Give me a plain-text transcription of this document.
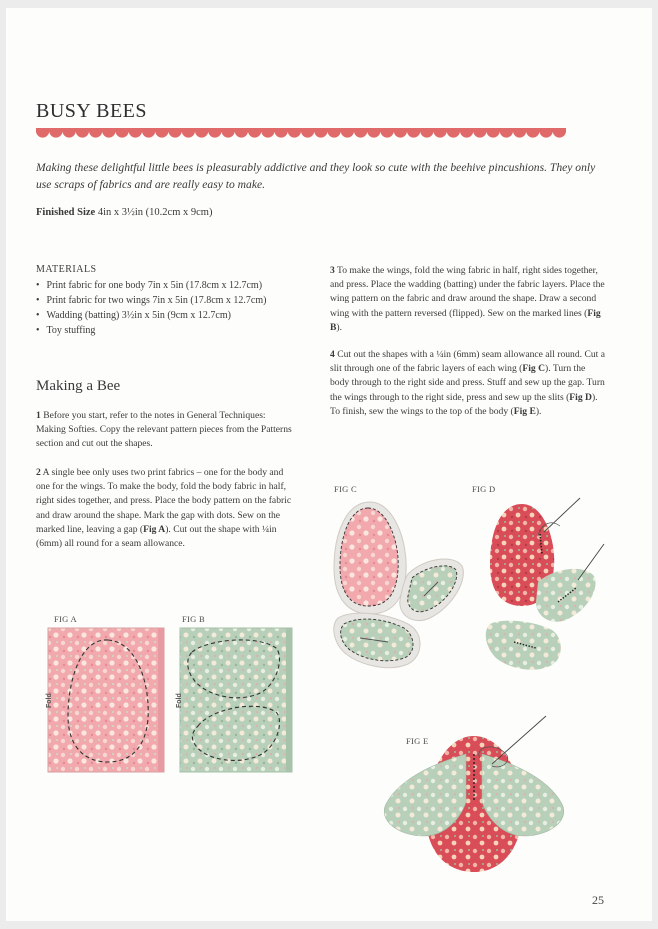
BUSY BEES
Making these delightful little bees is pleasurably addictive and they look so cute with the beehive pincushions. They only use scraps of fabrics and are really easy to make.
Finished Size 4in x 3½in (10.2cm x 9cm)
MATERIALS
• Print fabric for one body 7in x 5in (17.8cm x 12.7cm)
• Print fabric for two wings 7in x 5in (17.8cm x 12.7cm)
• Wadding (batting) 3½in x 5in (9cm x 12.7cm)
• Toy stuffing
Making a Bee
1 Before you start, refer to the notes in General Techniques: Making Softies. Copy the relevant pattern pieces from the Patterns section and cut out the shapes.
2 A single bee only uses two print fabrics – one for the body and one for the wings. To make the body, fold the body fabric in half, right sides together, and press. Place the body pattern on the fabric and draw around the shape. Mark the gap with dots. Sew on the marked line, leaving a gap (Fig A). Cut out the shape with ¼in (6mm) all round for a seam allowance.
3 To make the wings, fold the wing fabric in half, right sides together, and press. Place the wadding (batting) under the fabric layers. Place the wing pattern on the fabric and draw around the shape. Draw a second wing with the pattern reversed (flipped). Sew on the marked lines (Fig B).
4 Cut out the shapes with a ¼in (6mm) seam allowance all round. Cut a slit through one of the fabric layers of each wing (Fig C). Turn the body through to the right side and press. Stuff and sew up the gap. Turn the wings through to the right side, press and sew up the slits (Fig D). To finish, sew the wings to the top of the body (Fig E).
FIG A
Fold
FIG B
Fold
FIG C	FIG D
FIG E
25
